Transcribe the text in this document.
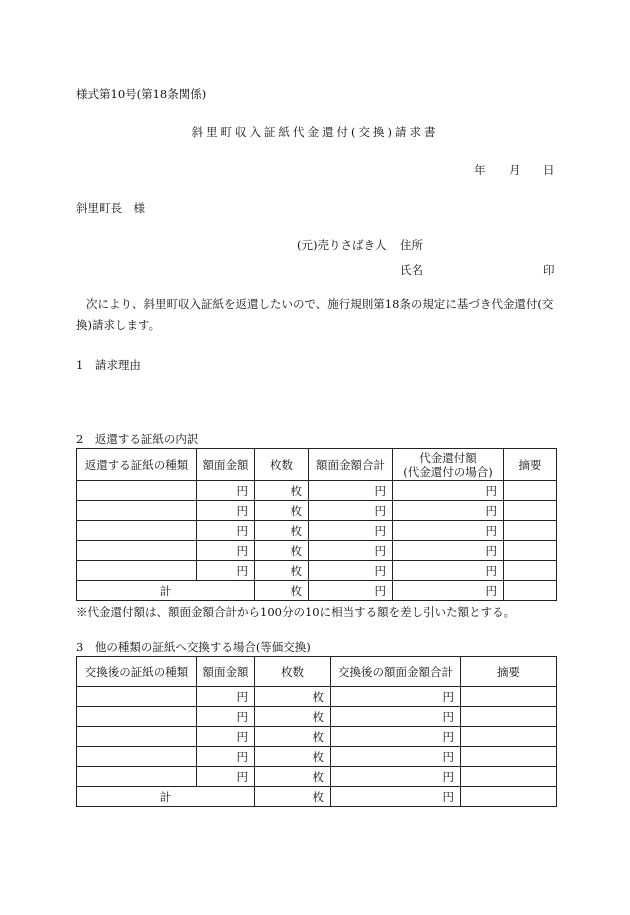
様式第10号(第18条関係)
斜里町収入証紙代金還付(交換)請求書
年 月 日
斜里町長　様
(元)売りさばき人 住所
氏名	印
次により、斜里町収入証紙を返還したいので、施行規則第18条の規定に基づき代金還付(交換)請求します。
1　請求理由
2　返還する証紙の内訳
返還する証紙の種類	額面金額	枚数	額面金額合計	代金還付額
(代金還付の場合)	摘要
	円	枚	円	円	
	円	枚	円	円	
	円	枚	円	円	
	円	枚	円	円	
	円	枚	円	円	
計		枚	円	円	
※代金還付額は、額面金額合計から100分の10に相当する額を差し引いた額とする。
3　他の種類の証紙へ交換する場合(等価交換)
交換後の証紙の種類	額面金額	枚数	交換後の額面金額合計	摘要
	円	枚	円	
	円	枚	円	
	円	枚	円	
	円	枚	円	
	円	枚	円	
計		枚	円	
